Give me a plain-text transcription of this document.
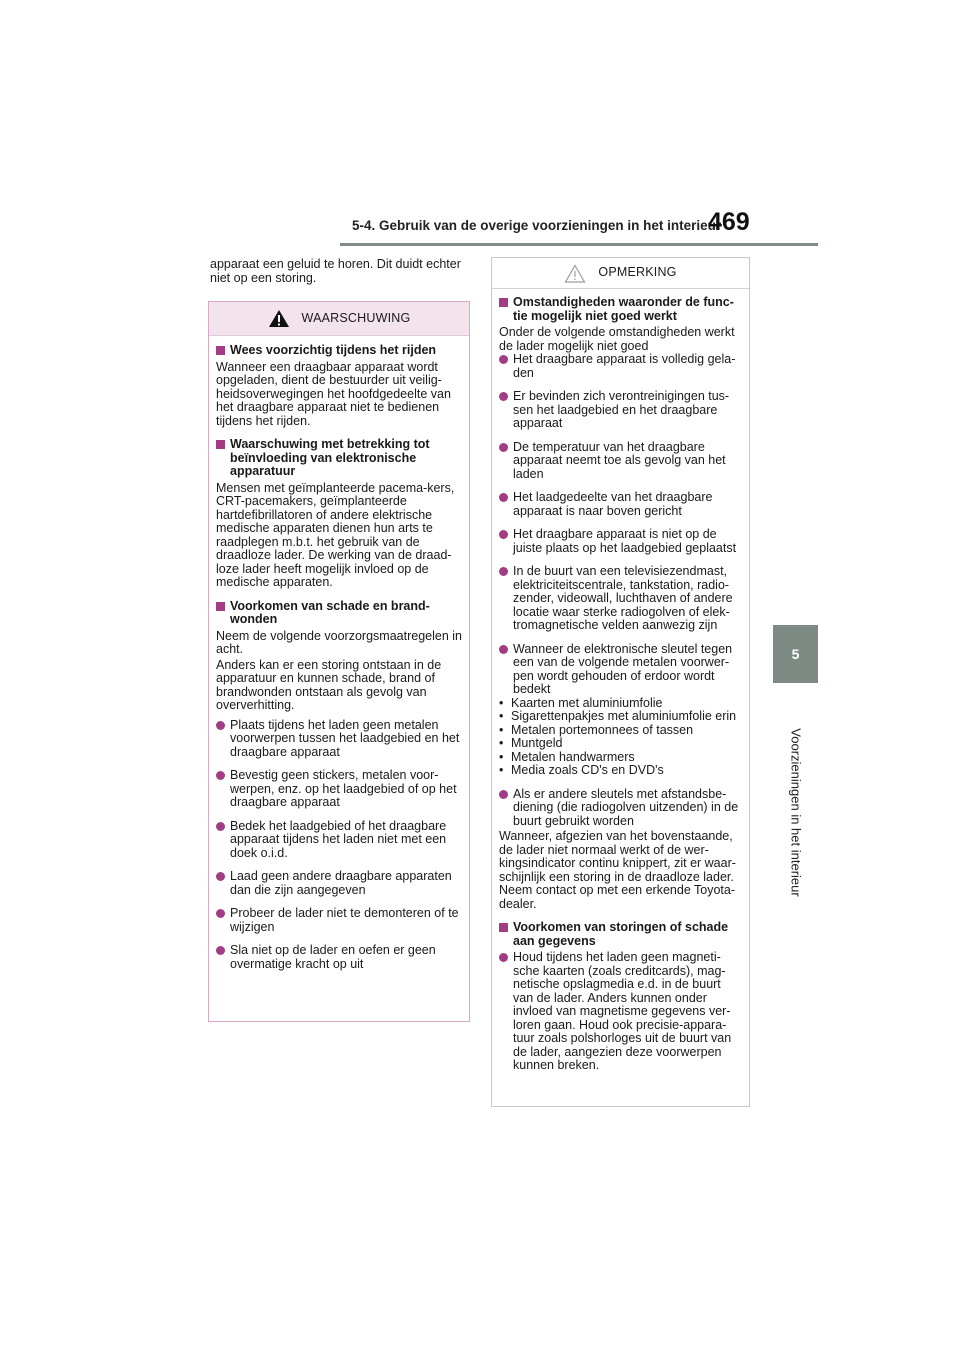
5-4. Gebruik van de overige voorzieningen in het interieur
469
5
Voorzieningen in het interieur
apparaat een geluid te horen. Dit duidt echter niet op een storing.
WAARSCHUWING
Wees voorzichtig tijdens het rijden
Wanneer een draagbaar apparaat wordt opgeladen, dient de bestuurder uit veilig-heidsoverwegingen het hoofdgedeelte van het draagbare apparaat niet te bedienen tijdens het rijden.
Waarschuwing met betrekking tot beïnvloeding van elektronische apparatuur
Mensen met geïmplanteerde pacema-kers, CRT-pacemakers, geïmplanteerde hartdefibrillatoren of andere elektrische medische apparaten dienen hun arts te raadplegen m.b.t. het gebruik van de draadloze lader. De werking van de draad-loze lader heeft mogelijk invloed op de medische apparaten.
Voorkomen van schade en brand-wonden
Neem de volgende voorzorgsmaatregelen in acht.
Anders kan er een storing ontstaan in de apparatuur en kunnen schade, brand of brandwonden ontstaan als gevolg van oververhitting.
Plaats tijdens het laden geen metalen voorwerpen tussen het laadgebied en het draagbare apparaat
Bevestig geen stickers, metalen voor-werpen, enz. op het laadgebied of op het draagbare apparaat
Bedek het laadgebied of het draagbare apparaat tijdens het laden niet met een doek o.i.d.
Laad geen andere draagbare apparaten dan die zijn aangegeven
Probeer de lader niet te demonteren of te wijzigen
Sla niet op de lader en oefen er geen overmatige kracht op uit
OPMERKING
Omstandigheden waaronder de func-tie mogelijk niet goed werkt
Onder de volgende omstandigheden werkt de lader mogelijk niet goed
Het draagbare apparaat is volledig gela-den
Er bevinden zich verontreinigingen tus-sen het laadgebied en het draagbare apparaat
De temperatuur van het draagbare apparaat neemt toe als gevolg van het laden
Het laadgedeelte van het draagbare apparaat is naar boven gericht
Het draagbare apparaat is niet op de juiste plaats op het laadgebied geplaatst
In de buurt van een televisiezendmast, elektriciteitscentrale, tankstation, radio-zender, videowall, luchthaven of andere locatie waar sterke radiogolven of elek-tromagnetische velden aanwezig zijn
Wanneer de elektronische sleutel tegen een van de volgende metalen voorwer-pen wordt gehouden of erdoor wordt bedekt
• Kaarten met aluminiumfolie
• Sigarettenpakjes met aluminiumfolie erin
• Metalen portemonnees of tassen
• Muntgeld
• Metalen handwarmers
• Media zoals CD's en DVD's
Als er andere sleutels met afstandsbe-diening (die radiogolven uitzenden) in de buurt gebruikt worden
Wanneer, afgezien van het bovenstaande, de lader niet normaal werkt of de wer-kingsindicator continu knippert, zit er waar-schijnlijk een storing in de draadloze lader. Neem contact op met een erkende Toyota-dealer.
Voorkomen van storingen of schade aan gegevens
Houd tijdens het laden geen magneti-sche kaarten (zoals creditcards), mag-netische opslagmedia e.d. in de buurt van de lader. Anders kunnen onder invloed van magnetisme gegevens ver-loren gaan. Houd ook precisie-appara-tuur zoals polshorloges uit de buurt van de lader, aangezien deze voorwerpen kunnen breken.
